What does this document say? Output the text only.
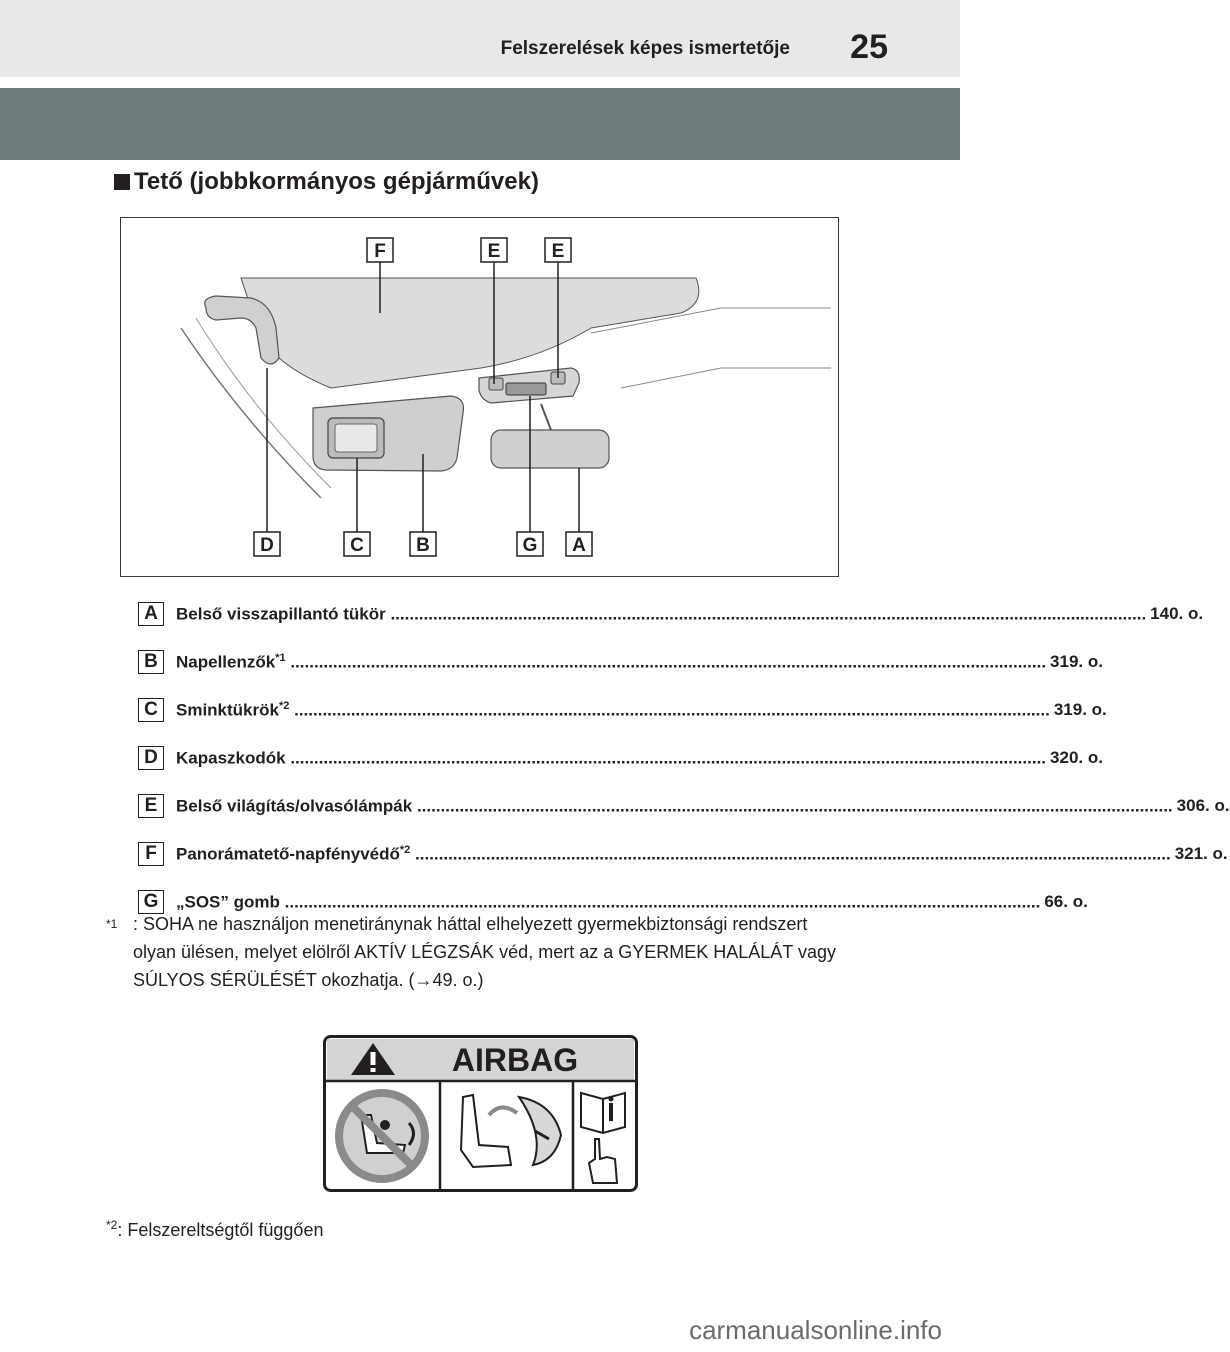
Felszerelések képes ismertetője 25
Tető (jobbkormányos gépjárművek)
F	E	E
D	C	B	G A
A	Belső visszapillantó tükör ................................................................................................................................................................ 140. o.
B	Napellenzők$^{*1}$ ................................................................................................................................................................ 319. o.
C	Sminktükrök$^{*2}$ ................................................................................................................................................................ 319. o.
D	Kapaszkodók ................................................................................................................................................................ 320. o.
E	Belső világítás/olvasólámpák ................................................................................................................................................................ 306. o.
F	Panorámatető-napfényvédő$^{*2}$ ................................................................................................................................................................ 321. o.
G	„SOS” gomb ................................................................................................................................................................ 66. o.
$^{*1}$ : SOHA ne használjon menetiránynak háttal elhelyezett gyermekbiztonsági rendszert olyan ülésen, melyet elölről AKTÍV LÉGZSÁK véd, mert az a GYERMEK HALÁLÁT vagy SÚLYOS SÉRÜLÉSÉT okozhatja. (→49. o.)
AIRBAG
$^{*2}$: Felszereltségtől függően
carmanualsonline.info
